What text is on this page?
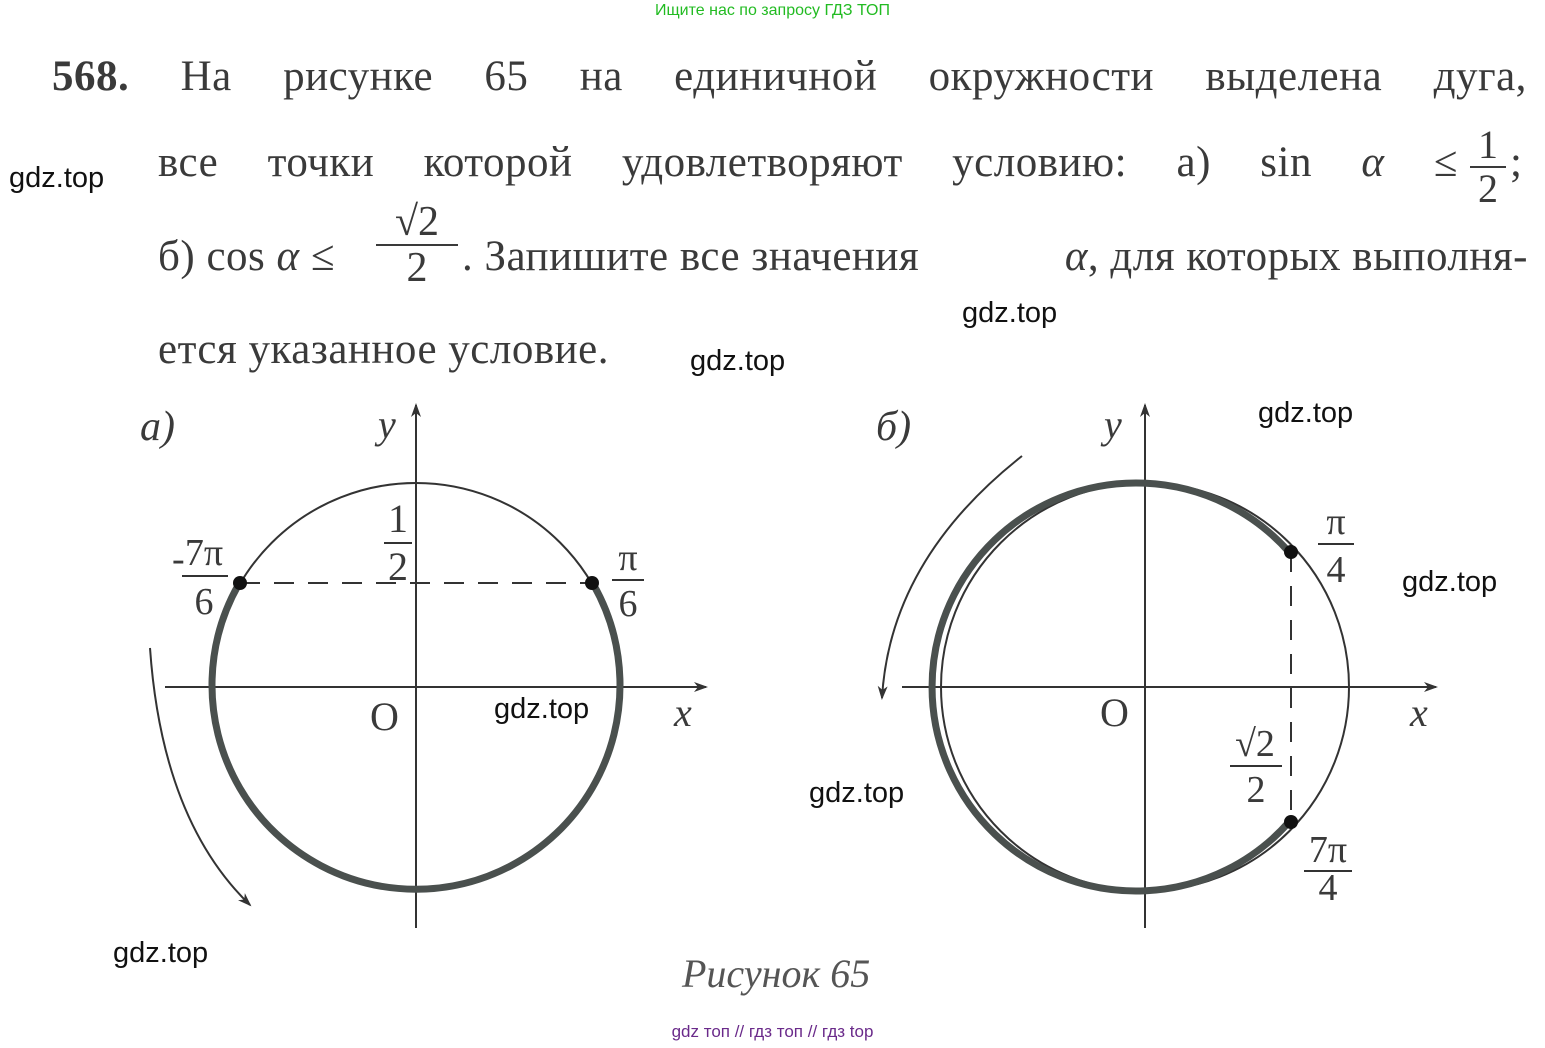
Ищите нас по запросу ГДЗ ТОП
568. На рисунке 65 на единичной окружности выделена дуга,
все точки которой удовлетворяют условию: а) sin α ≤ 1
2
;
б) cos α ≤
√2
2 . Запишите все значения	α, для которых выполня-
ется указанное условие.
а)	y
x
O
1
2
- 7π
6
π
6
б)	y
x
O
π
4
√2
2
7π
4
Рисунок 65
gdz.top
gdz.top
gdz.top
gdz.top
gdz.top
gdz.top
gdz.top
gdz.top
gdz топ // гдз топ // гдз top
